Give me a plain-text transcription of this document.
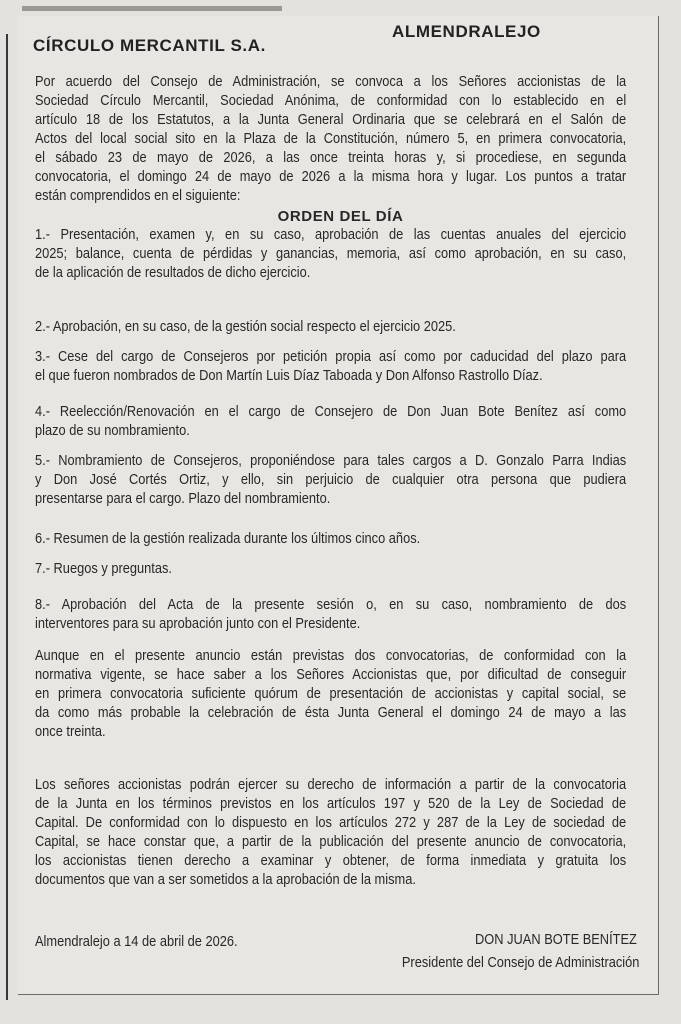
CÍRCULO MERCANTIL S.A.
ALMENDRALEJO
Por acuerdo del Consejo de Administración, se convoca a los Señores accionistas de la
Sociedad Círculo Mercantil, Sociedad Anónima, de conformidad con lo establecido en el
artículo 18 de los Estatutos, a la Junta General Ordinaria que se celebrará en el Salón de
Actos del local social sito en la Plaza de la Constitución, número 5, en primera convocatoria,
el sábado 23 de mayo de 2026, a las once treinta horas y, si procediese, en segunda
convocatoria, el domingo 24 de mayo de 2026 a la misma hora y lugar. Los puntos a tratar
están comprendidos en el siguiente:
ORDEN DEL DÍA
1.- Presentación, examen y, en su caso, aprobación de las cuentas anuales del ejercicio
2025; balance, cuenta de pérdidas y ganancias, memoria, así como aprobación, en su caso,
de la aplicación de resultados de dicho ejercicio.
2.- Aprobación, en su caso, de la gestión social respecto el ejercicio 2025.
3.- Cese del cargo de Consejeros por petición propia así como por caducidad del plazo para
el que fueron nombrados de Don Martín Luis Díaz Taboada y Don Alfonso Rastrollo Díaz.
4.- Reelección/Renovación en el cargo de Consejero de Don Juan Bote Benítez así como
plazo de su nombramiento.
5.- Nombramiento de Consejeros, proponiéndose para tales cargos a D. Gonzalo Parra Indias
y Don José Cortés Ortiz, y ello, sin perjuicio de cualquier otra persona que pudiera
presentarse para el cargo. Plazo del nombramiento.
6.- Resumen de la gestión realizada durante los últimos cinco años.
7.- Ruegos y preguntas.
8.- Aprobación del Acta de la presente sesión o, en su caso, nombramiento de dos
interventores para su aprobación junto con el Presidente.
Aunque en el presente anuncio están previstas dos convocatorias, de conformidad con la
normativa vigente, se hace saber a los Señores Accionistas que, por dificultad de conseguir
en primera convocatoria suficiente quórum de presentación de accionistas y capital social, se
da como más probable la celebración de ésta Junta General el domingo 24 de mayo a las
once treinta.
Los señores accionistas podrán ejercer su derecho de información a partir de la convocatoria
de la Junta en los términos previstos en los artículos 197 y 520 de la Ley de Sociedad de
Capital. De conformidad con lo dispuesto en los artículos 272 y 287 de la Ley de sociedad de
Capital, se hace constar que, a partir de la publicación del presente anuncio de convocatoria,
los accionistas tienen derecho a examinar y obtener, de forma inmediata y gratuita los
documentos que van a ser sometidos a la aprobación de la misma.
Almendralejo a 14 de abril de 2026.	DON JUAN BOTE BENÍTEZ
Presidente del Consejo de Administración
